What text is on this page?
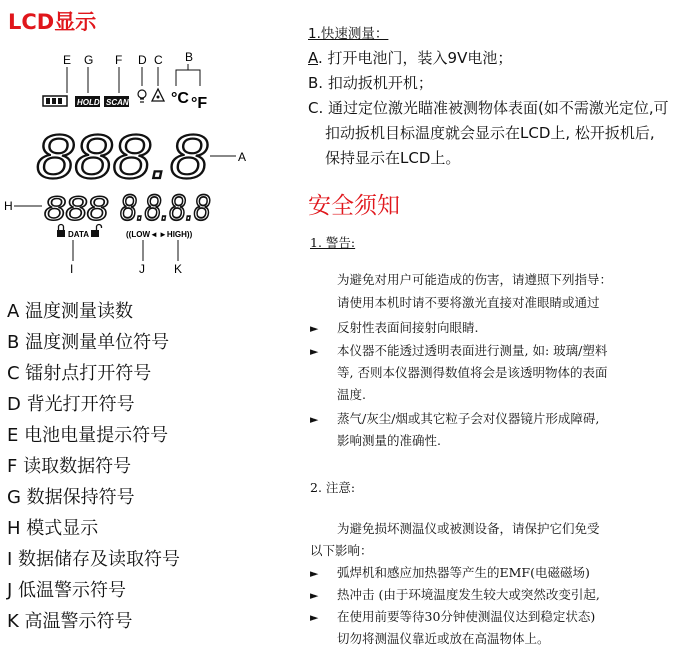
LCD显示
E G F D C B
HOLD SCAN	°C °F
888.8 A
H 888 8.8.8.8
DATA	((LOW◄ ►HIGH))
I	J K
A 温度测量读数
B 温度测量单位符号
C 镭射点打开符号
D 背光打开符号
E 电池电量提示符号
F 读取数据符号
G 数据保持符号
H 模式显示
I 数据储存及读取符号
J 低温警示符号
K 高温警示符号
1.快速测量：
A. 打开电池门，装入9V电池；
B. 扣动扳机开机；
C. 通过定位激光瞄准被测物体表面(如不需激光定位,可
扣动扳机目标温度就会显示在LCD上, 松开扳机后,
保持显示在LCD上。
安全须知
1. 警告:
为避免对用户可能造成的伤害，请遵照下列指导：
请使用本机时请不要将激光直接对准眼睛或通过
► 反射性表面间接射向眼睛.
► 本仪器不能透过透明表面进行测量, 如: 玻璃/塑料
等, 否则本仪器测得数值将会是该透明物体的表面
温度.
► 蒸气/灰尘/烟或其它粒子会对仪器镜片形成障碍,
影响测量的准确性.
2. 注意:
为避免损坏测温仪或被测设备，请保护它们免受
以下影响：
► 弧焊机和感应加热器等产生的EMF(电磁磁场)
► 热冲击 (由于环境温度发生较大或突然改变引起,
► 在使用前要等待30分钟使测温仪达到稳定状态)
切勿将测温仪靠近或放在高温物体上。
